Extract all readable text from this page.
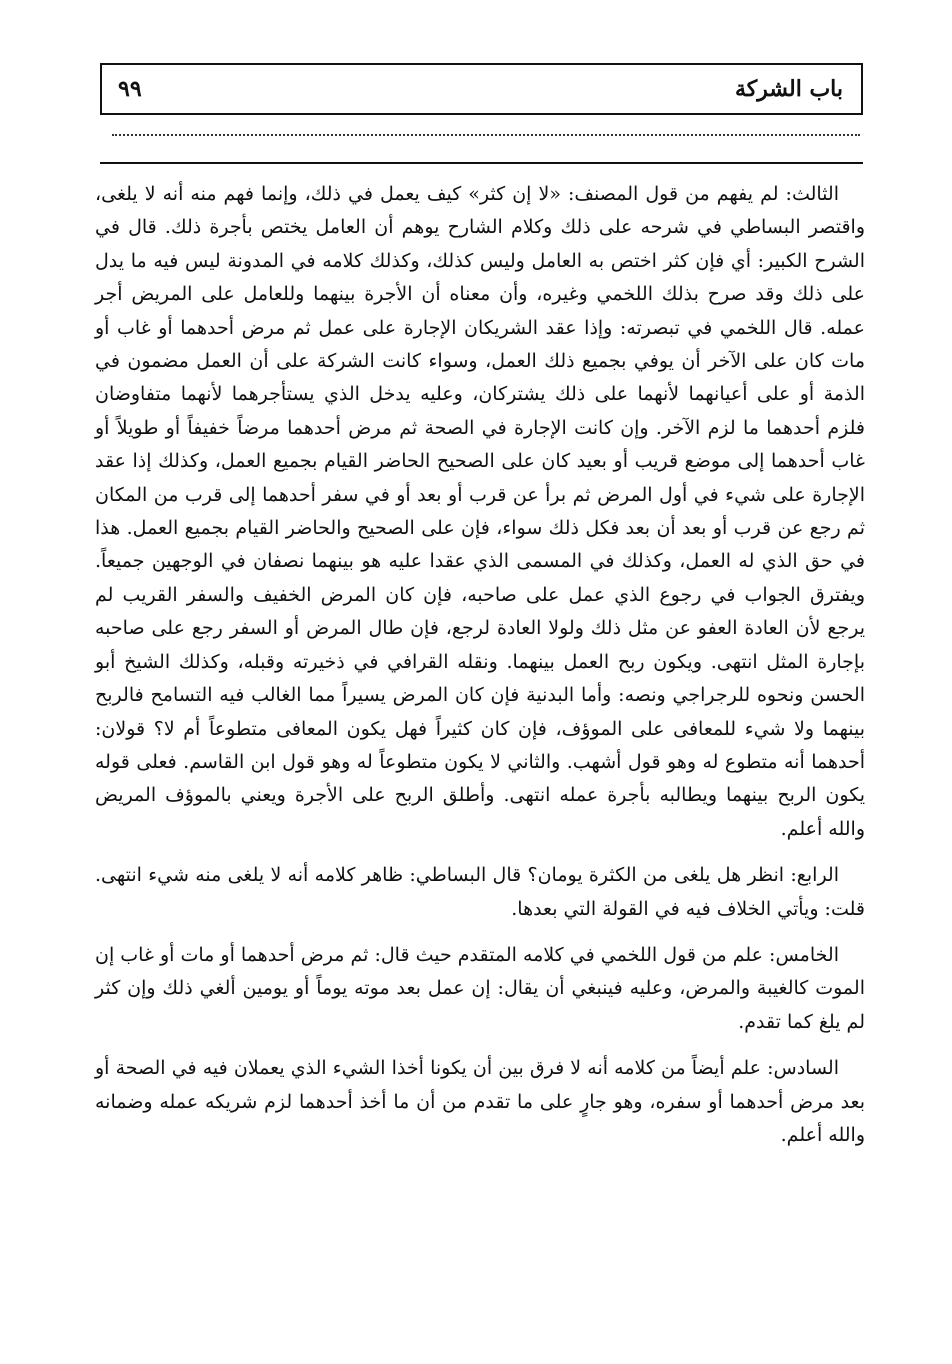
٩٩	باب الشركة

الثالث: لم يفهم من قول المصنف: «لا إن كثر» كيف يعمل في ذلك، وإنما فهم منه أنه لا يلغى، واقتصر البساطي في شرحه على ذلك وكلام الشارح يوهم أن العامل يختص بأجرة ذلك. قال في الشرح الكبير: أي فإن كثر اختص به العامل وليس كذلك، وكذلك كلامه في المدونة ليس فيه ما يدل على ذلك وقد صرح بذلك اللخمي وغيره، وأن معناه أن الأجرة بينهما وللعامل على المريض أجر عمله. قال اللخمي في تبصرته: وإذا عقد الشريكان الإجارة على عمل ثم مرض أحدهما أو غاب أو مات كان على الآخر أن يوفي بجميع ذلك العمل، وسواء كانت الشركة على أن العمل مضمون في الذمة أو على أعيانهما لأنهما على ذلك يشتركان، وعليه يدخل الذي يستأجرهما لأنهما متفاوضان فلزم أحدهما ما لزم الآخر. وإن كانت الإجارة في الصحة ثم مرض أحدهما مرضاً خفيفاً أو طويلاً أو غاب أحدهما إلى موضع قريب أو بعيد كان على الصحيح الحاضر القيام بجميع العمل، وكذلك إذا عقد الإجارة على شيء في أول المرض ثم برأ عن قرب أو بعد أو في سفر أحدهما إلى قرب من المكان ثم رجع عن قرب أو بعد أن بعد فكل ذلك سواء، فإن على الصحيح والحاضر القيام بجميع العمل. هذا في حق الذي له العمل، وكذلك في المسمى الذي عقدا عليه هو بينهما نصفان في الوجهين جميعاً. ويفترق الجواب في رجوع الذي عمل على صاحبه، فإن كان المرض الخفيف والسفر القريب لم يرجع لأن العادة العفو عن مثل ذلك ولولا العادة لرجع، فإن طال المرض أو السفر رجع على صاحبه بإجارة المثل انتهى. ويكون ربح العمل بينهما. ونقله القرافي في ذخيرته وقبله، وكذلك الشيخ أبو الحسن ونحوه للرجراجي ونصه: وأما البدنية فإن كان المرض يسيراً مما الغالب فيه التسامح فالربح بينهما ولا شيء للمعافى على الموؤف، فإن كان كثيراً فهل يكون المعافى متطوعاً أم لا؟ قولان: أحدهما أنه متطوع له وهو قول أشهب. والثاني لا يكون متطوعاً له وهو قول ابن القاسم. فعلى قوله يكون الربح بينهما ويطالبه بأجرة عمله انتهى. وأطلق الربح على الأجرة ويعني بالموؤف المريض والله أعلم.

الرابع: انظر هل يلغى من الكثرة يومان؟ قال البساطي: ظاهر كلامه أنه لا يلغى منه شيء انتهى. قلت: ويأتي الخلاف فيه في القولة التي بعدها.

الخامس: علم من قول اللخمي في كلامه المتقدم حيث قال: ثم مرض أحدهما أو مات أو غاب إن الموت كالغيبة والمرض، وعليه فينبغي أن يقال: إن عمل بعد موته يوماً أو يومين ألغي ذلك وإن كثر لم يلغ كما تقدم.

السادس: علم أيضاً من كلامه أنه لا فرق بين أن يكونا أخذا الشيء الذي يعملان فيه في الصحة أو بعد مرض أحدهما أو سفره، وهو جارٍ على ما تقدم من أن ما أخذ أحدهما لزم شريكه عمله وضمانه والله أعلم.
